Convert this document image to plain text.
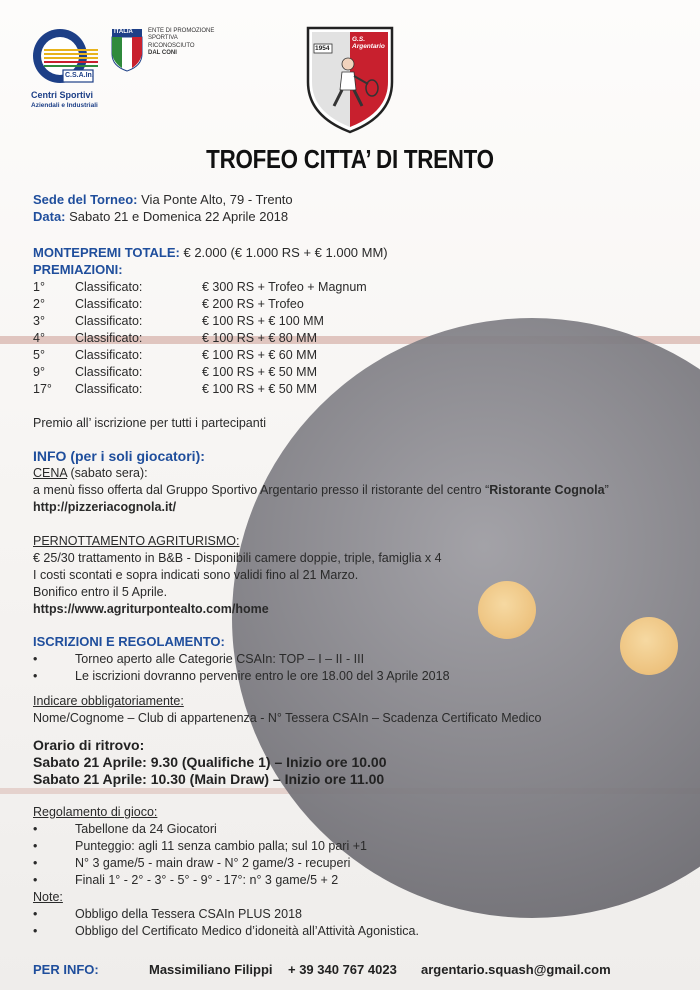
C.S.A.In.
Centri Sportivi
Aziendali e Industriali
ITALIA	ENTE DI PROMOZIONE
SPORTIVA
RICONOSCIUTO
DAL CONI
1954
G.S. Argentario
TROFEO CITTA’ DI TRENTO
Sede del Torneo: Via Ponte Alto, 79 - Trento
Data: Sabato 21 e Domenica 22 Aprile 2018
MONTEPREMI TOTALE: € 2.000 (€ 1.000 RS + € 1.000 MM)
PREMIAZIONI:
1° Classificato:	€ 300 RS + Trofeo + Magnum
2° Classificato:	€ 200 RS + Trofeo
3° Classificato:	€ 100 RS + € 100 MM
4° Classificato:	€ 100 RS + € 80 MM
5° Classificato:	€ 100 RS + € 60 MM
9° Classificato:	€ 100 RS + € 50 MM
17° Classificato:	€ 100 RS + € 50 MM
Premio all’ iscrizione per tutti i partecipanti
INFO (per i soli giocatori):
CENA (sabato sera):
a menù fisso offerta dal Gruppo Sportivo Argentario presso il ristorante del centro “Ristorante Cognola”
http://pizzeriacognola.it/
PERNOTTAMENTO AGRITURISMO:
€ 25/30 trattamento in B&B - Disponibili camere doppie, triple, famiglia x 4
I costi scontati e sopra indicati sono validi fino al 21 Marzo.
Bonifico entro il 5 Aprile.
https://www.agriturpontealto.com/home
ISCRIZIONI E REGOLAMENTO:
•	Torneo aperto alle Categorie CSAIn: TOP – I – II - III
•	Le iscrizioni dovranno pervenire entro le ore 18.00 del 3 Aprile 2018
Indicare obbligatoriamente:
Nome/Cognome – Club di appartenenza - N° Tessera CSAIn – Scadenza Certificato Medico
Orario di ritrovo:
Sabato 21 Aprile: 9.30 (Qualifiche 1) – Inizio ore 10.00
Sabato 21 Aprile: 10.30 (Main Draw) – Inizio ore 11.00
Regolamento di gioco:
•	Tabellone da 24 Giocatori
•	Punteggio: agli 11 senza cambio palla; sul 10 pari +1
•	N° 3 game/5 - main draw - N° 2 game/3 - recuperi
•	Finali 1° - 2° - 3° - 5° - 9° - 17°: n° 3 game/5 + 2
Note:
•	Obbligo della Tessera CSAIn PLUS 2018
•	Obbligo del Certificato Medico d’idoneità all’Attività Agonistica.
PER INFO:	Massimiliano Filippi + 39 340 767 4023 argentario.squash@gmail.com
